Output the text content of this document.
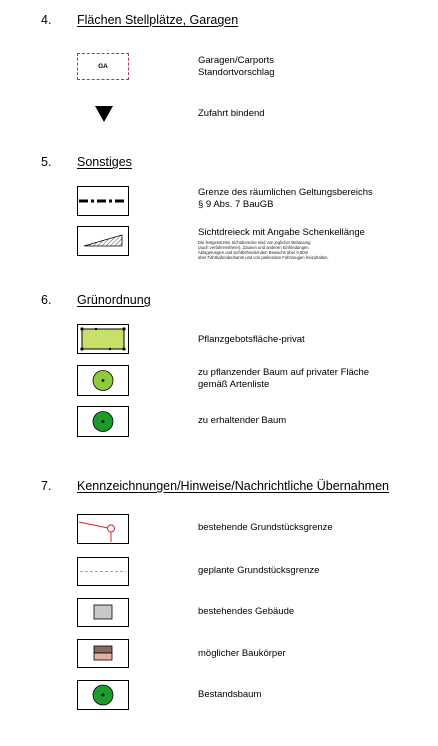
4. Flächen Stellplätze, Garagen
GA
Garagen/Carports
Standortvorschlag
Zufahrt bindend
5. Sonstiges
Grenze des räumlichen Geltungsbereichs
§ 9 Abs. 7 BauGB
Sichtdreieck mit Angabe Schenkellänge
Die festgesetzten Sichtdreiecke sind von jeglicher Bebauung
(auch verfahrensfreier), Zäunen und anderen Einfriedungen
Ablagerungen und sichtbehindernden Bewuchs über 0,80m
über Fahrbahnoberkante und von parkenden Fahrzeugen freizuhalten.
6. Grünordnung
Pflanzgebotsfläche-privat
zu pflanzender Baum auf privater Fläche
gemäß Artenliste
zu erhaltender Baum
7. Kennzeichnungen/Hinweise/Nachrichtliche Übernahmen
bestehende Grundstücksgrenze
geplante Grundstücksgrenze
bestehendes Gebäude
möglicher Baukörper
Bestandsbaum
